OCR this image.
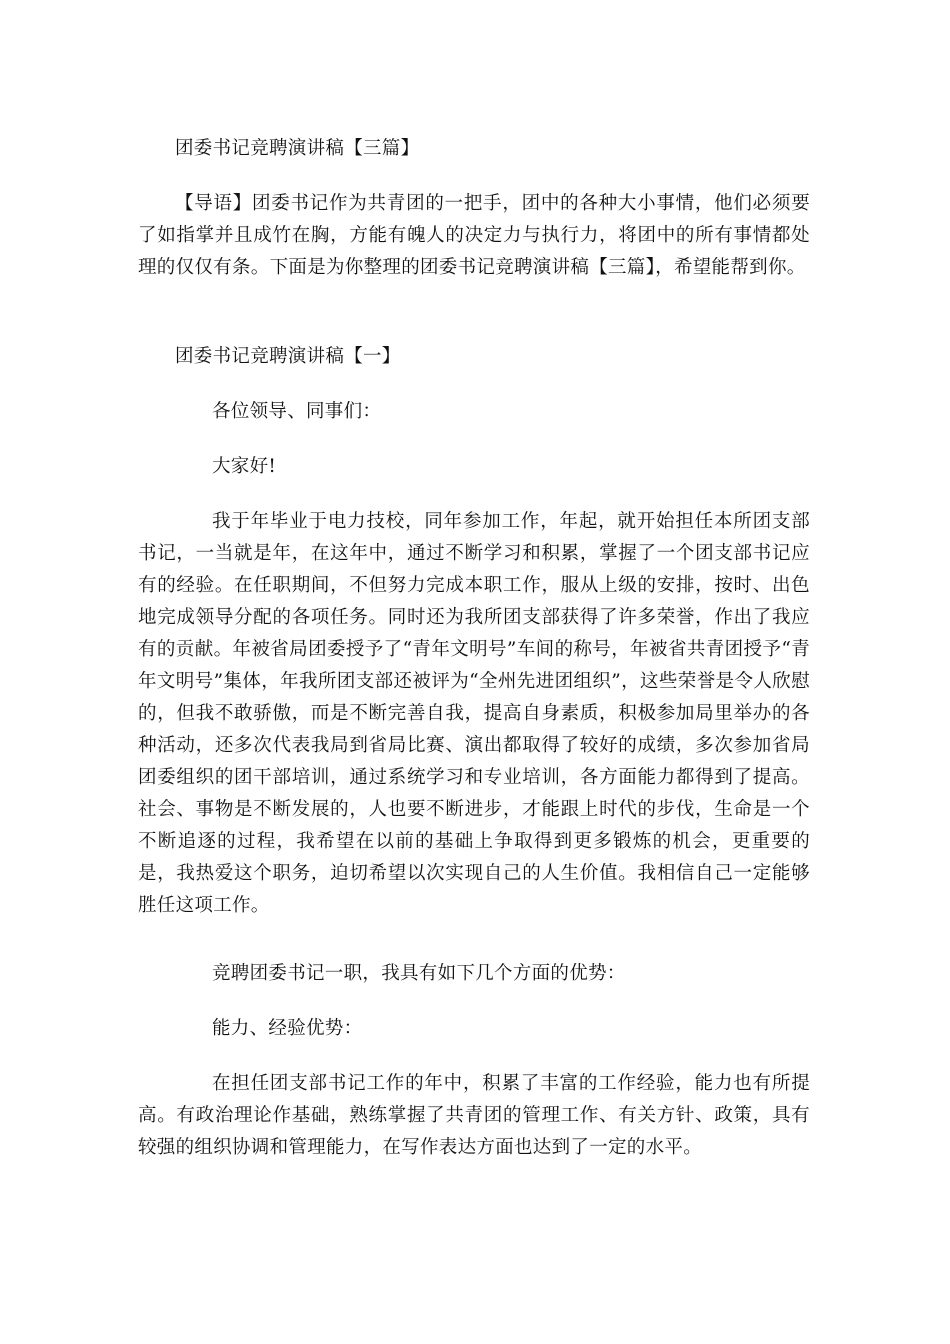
团委书记竞聘演讲稿【三篇】

【导语】团委书记作为共青团的一把手，团中的各种大小事情，他们必须要了如指掌并且成竹在胸，方能有魄人的决定力与执行力，将团中的所有事情都处理的仅仅有条。下面是为你整理的团委书记竞聘演讲稿【三篇】，希望能帮到你。

团委书记竞聘演讲稿【一】

各位领导、同事们：

大家好!

我于年毕业于电力技校，同年参加工作，年起，就开始担任本所团支部书记，一当就是年，在这年中，通过不断学习和积累，掌握了一个团支部书记应有的经验。在任职期间，不但努力完成本职工作，服从上级的安排，按时、出色地完成领导分配的各项任务。同时还为我所团支部获得了许多荣誉，作出了我应有的贡献。年被省局团委授予了“青年文明号”车间的称号，年被省共青团授予“青年文明号”集体，年我所团支部还被评为“全州先进团组织”，这些荣誉是令人欣慰的，但我不敢骄傲，而是不断完善自我，提高自身素质，积极参加局里举办的各种活动，还多次代表我局到省局比赛、演出都取得了较好的成绩，多次参加省局团委组织的团干部培训，通过系统学习和专业培训，各方面能力都得到了提高。社会、事物是不断发展的，人也要不断进步，才能跟上时代的步伐，生命是一个不断追逐的过程，我希望在以前的基础上争取得到更多锻炼的机会，更重要的是，我热爱这个职务，迫切希望以次实现自己的人生价值。我相信自己一定能够胜任这项工作。

竞聘团委书记一职，我具有如下几个方面的优势：

能力、经验优势：

在担任团支部书记工作的年中，积累了丰富的工作经验，能力也有所提高。有政治理论作基础，熟练掌握了共青团的管理工作、有关方针、政策，具有较强的组织协调和管理能力，在写作表达方面也达到了一定的水平。
